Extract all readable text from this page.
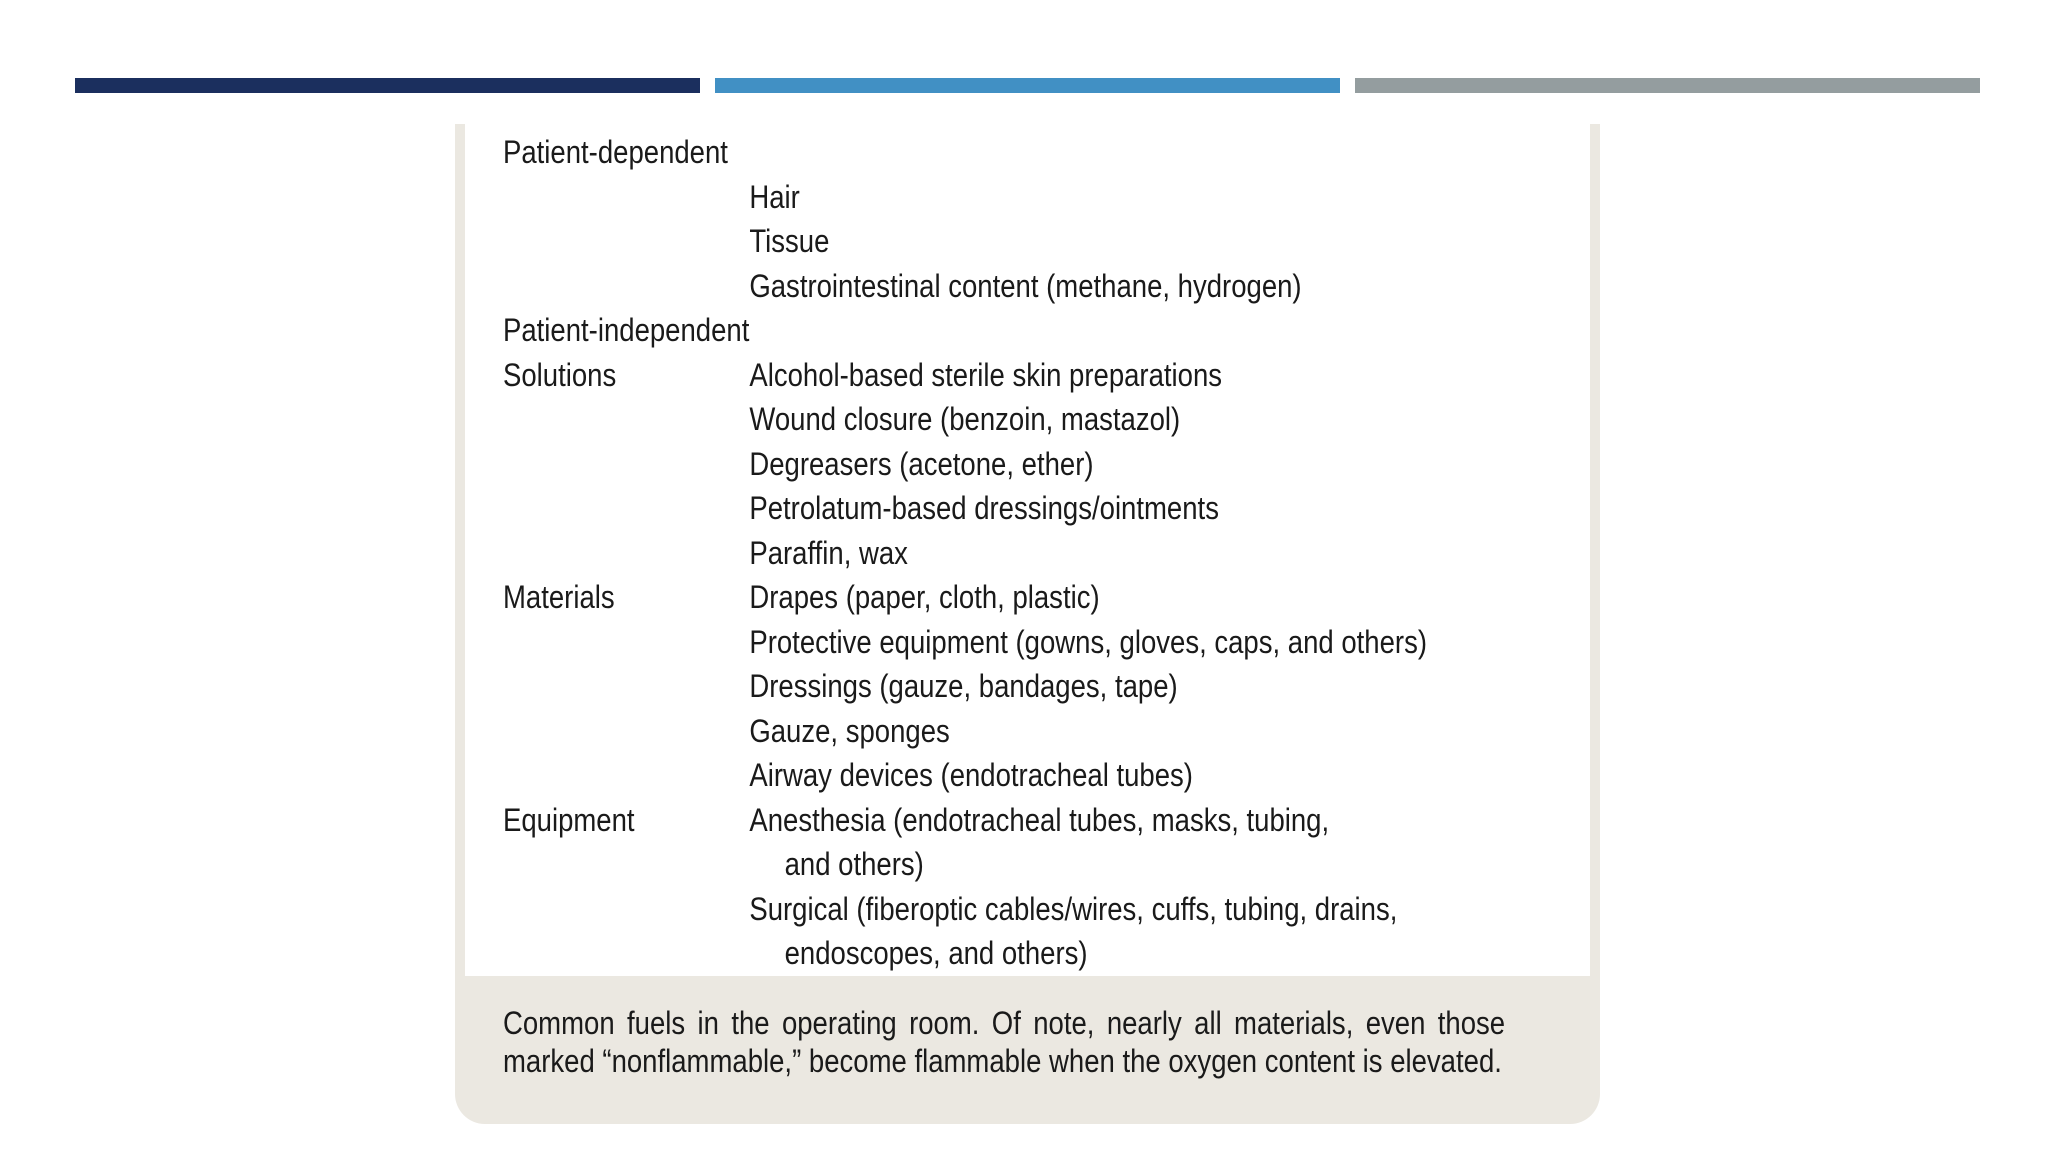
Patient-dependent	

	Hair

	Tissue

	Gastrointestinal content (methane, hydrogen)

Patient-independent	
Solutions	Alcohol-based sterile skin preparations

	Wound closure (benzoin, mastazol)

	Degreasers (acetone, ether)

	Petrolatum-based dressings/ointments

	Paraffin, wax

Materials	Drapes (paper, cloth, plastic)

	Protective equipment (gowns, gloves, caps, and others)

	Dressings (gauze, bandages, tape)

	Gauze, sponges

	Airway devices (endotracheal tubes)

Equipment	Anesthesia (endotracheal tubes, masks, tubing,
and others)

	Surgical (fiberoptic cables/wires, cuffs, tubing, drains,
endoscopes, and others)
Common fuels in the operating room. Of note, nearly all materials, even those
marked “nonflammable,” become flammable when the oxygen content is elevated.
